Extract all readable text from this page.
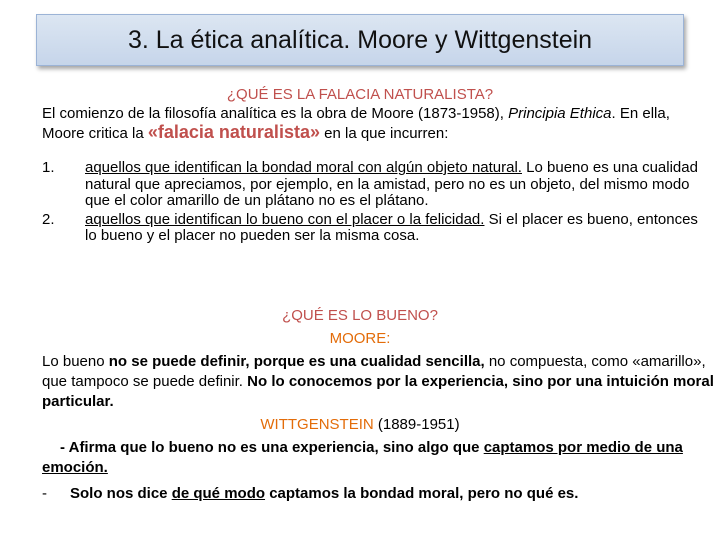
3. La ética analítica. Moore y Wittgenstein

¿QUÉ ES LA FALACIA NATURALISTA?

El comienzo de la filosofía analítica es la obra de Moore (1873-1958), Principia Ethica. En ella, Moore critica la «falacia naturalista» en la que incurren:

1. aquellos que identifican la bondad moral con algún objeto natural. Lo bueno es una cualidad natural que apreciamos, por ejemplo, en la amistad, pero no es un objeto, del mismo modo que el color amarillo de un plátano no es el plátano.
2. aquellos que identifican lo bueno con el placer o la felicidad. Si el placer es bueno, entonces lo bueno y el placer no pueden ser la misma cosa.

¿QUÉ ES LO BUENO?

MOORE:

Lo bueno no se puede definir, porque es una cualidad sencilla, no compuesta, como «amarillo», que tampoco se puede definir. No lo conocemos por la experiencia, sino por una intuición moral particular.

WITTGENSTEIN (1889-1951)

- Afirma que lo bueno no es una experiencia, sino algo que captamos por medio de una emoción.

- Solo nos dice de qué modo captamos la bondad moral, pero no qué es.
